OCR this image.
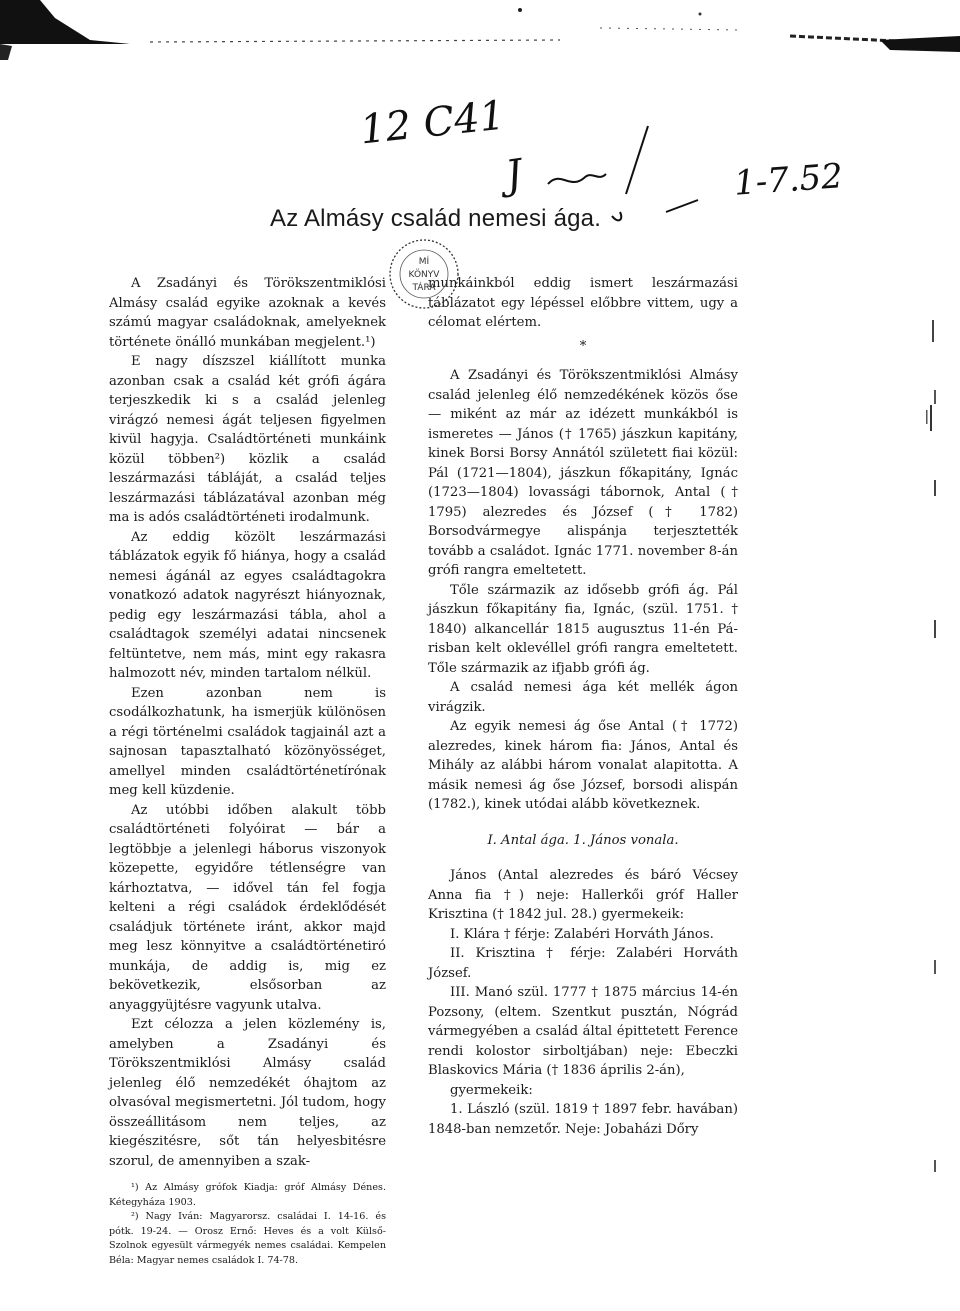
12 C41
1-7.52
J
Az Almásy család nemesi ága.
MÍ
KÖNYV
TÁRA

A Zsadányi és Törökszentmiklósi Almásy család egyike azoknak a kevés számú magyar családoknak, amelyeknek története önálló munkában megjelent.¹)

E nagy díszszel kiállított munka azonban csak a család két grófi ágára terjeszkedik ki s a család jelenleg virágzó nemesi ágát teljesen figyelmen kivül hagyja. Családtörténeti munkáink közül többen²) közlik a család leszármazási tábláját, a család teljes leszármazási táblázatával azonban még ma is adós családtörténeti irodalmunk.

Az eddig közölt leszármazási táblázatok egyik fő hiánya, hogy a család nemesi ágánál az egyes családtagokra vonatkozó adatok nagyrészt hiányoznak, pedig egy leszármazási tábla, ahol a családtagok személyi adatai nincsenek feltüntetve, nem más, mint egy rakasra halmozott név, minden tartalom nélkül.

Ezen azonban nem is csodálkozhatunk, ha ismerjük különösen a régi történelmi családok tagjainál azt a sajnosan tapasztalható közönyösséget, amellyel minden családtörténetírónak meg kell küzdenie.

Az utóbbi időben alakult több családtörténeti folyóirat — bár a legtöbbje a jelenlegi háborus viszonyok közepette, egyidőre tétlenségre van kárhoztatva, — idővel tán fel fogja kelteni a régi családok érdeklődését családjuk története iránt, akkor majd meg lesz könnyitve a családtörténetiró munkája, de addig is, mig ez bekövetkezik, elsősorban az anyaggyüjtésre vagyunk utalva.

Ezt célozza a jelen közlemény is, amelyben a Zsadányi és Törökszentmiklósi Almásy család jelenleg élő nemzedékét óhajtom az olvasóval megismertetni. Jól tudom, hogy összeállitásom nem teljes, az kiegészitésre, sőt tán helyesbitésre szorul, de amennyiben a szak-

¹) Az Almásy grófok Kiadja: gróf Almásy Dénes. Kétegyháza 1903.

²) Nagy Iván: Magyarorsz. családai I. 14-16. és pótk. 19-24. — Orosz Ernő: Heves és a volt Külső-Szolnok egyesült vármegyék nemes családai. Kempelen Béla: Magyar nemes családok I. 74-78.

munkáinkból eddig ismert leszármazási táblázatot egy lépéssel előbbre vittem, ugy a célomat elértem.

*

A Zsadányi és Törökszentmiklósi Almásy család jelenleg élő nemzedékének közös őse — miként az már az idézett munkákból is ismeretes — János († 1765) jászkun kapitány, kinek Borsi Borsy Annától született fiai közül: Pál (1721—1804), jászkun főkapitány, Ignác (1723—1804) lovassági tábornok, Antal († 1795) alezredes és József († 1782) Borsodvármegye alispánja terjesztették tovább a családot. Ignác 1771. november 8-án grófi rangra emeltetett.

Tőle származik az idősebb grófi ág. Pál jászkun főkapitány fia, Ignác, (szül. 1751. † 1840) alkancellár 1815 augusztus 11-én Pá-risban kelt oklevéllel grófi rangra emeltetett. Tőle származik az ifjabb grófi ág.

A család nemesi ága két mellék ágon virágzik.

Az egyik nemesi ág őse Antal († 1772) alezredes, kinek három fia: János, Antal és Mihály az alábbi három vonalat alapitotta. A másik nemesi ág őse József, borsodi alispán (1782.), kinek utódai alább következnek.

I. Antal ága. 1. János vonala.

János (Antal alezredes és báró Vécsey Anna fia †) neje: Hallerkői gróf Haller Krisztina († 1842 jul. 28.) gyermekeik:

I. Klára † férje: Zalabéri Horváth János.

II. Krisztina † férje: Zalabéri Horváth József.

III. Manó szül. 1777 † 1875 március 14-én Pozsony, (eltem. Szentkut pusztán, Nógrád vármegyében a család által épittetett Ference rendi kolostor sirboltjában) neje: Ebeczki Blaskovics Mária († 1836 április 2-án),

gyermekeik:

1. László (szül. 1819 † 1897 febr. havában) 1848-ban nemzetőr. Neje: Jobaházi Dőry
